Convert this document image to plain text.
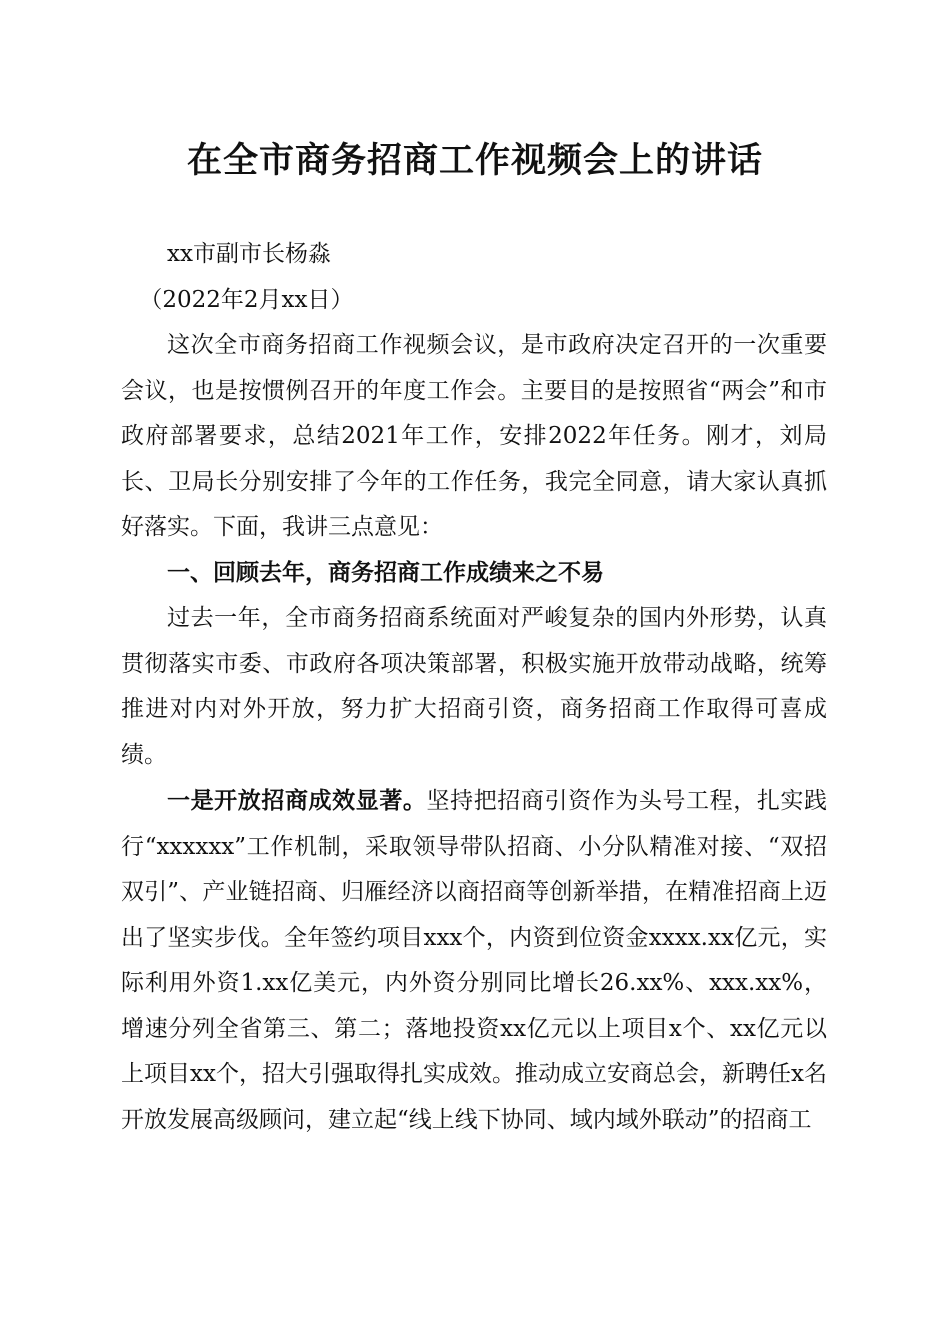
在全市商务招商工作视频会上的讲话

xx市副市长杨淼

（2022年2月xx日）

这次全市商务招商工作视频会议，是市政府决定召开的一次重要会议，也是按惯例召开的年度工作会。主要目的是按照省“两会”和市政府部署要求，总结2021年工作，安排2022年任务。刚才，刘局长、卫局长分别安排了今年的工作任务，我完全同意，请大家认真抓好落实。下面，我讲三点意见：

一、回顾去年，商务招商工作成绩来之不易

过去一年，全市商务招商系统面对严峻复杂的国内外形势，认真贯彻落实市委、市政府各项决策部署，积极实施开放带动战略，统筹推进对内对外开放，努力扩大招商引资，商务招商工作取得可喜成绩。

一是开放招商成效显著。坚持把招商引资作为头号工程，扎实践行“xxxxxx”工作机制，采取领导带队招商、小分队精准对接、“双招双引”、产业链招商、归雁经济以商招商等创新举措，在精准招商上迈出了坚实步伐。全年签约项目xxx个，内资到位资金xxxx.xx亿元，实际利用外资1.xx亿美元，内外资分别同比增长26.xx%、xxx.xx%，增速分列全省第三、第二；落地投资xx亿元以上项目x个、xx亿元以上项目xx个，招大引强取得扎实成效。推动成立安商总会，新聘任x名开放发展高级顾问，建立起“线上线下协同、域内域外联动”的招商工
